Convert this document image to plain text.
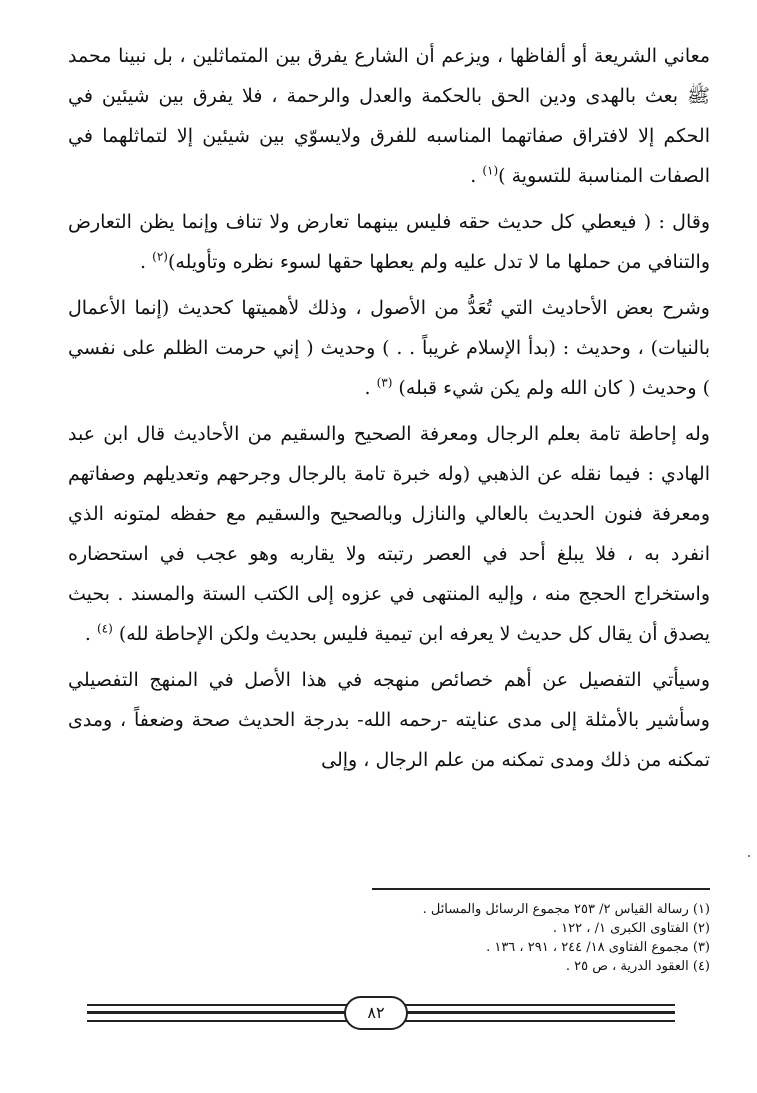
معاني الشريعة أو ألفاظها ، ويزعم أن الشارع يفرق بين المتماثلين ، بل نبينا محمد ﷺ بعث بالهدى ودين الحق بالحكمة والعدل والرحمة ، فلا يفرق بين شيئين في الحكم إلا لافتراق صفاتهما المناسبه للفرق ولايسوّي بين شيئين إلا لتماثلهما في الصفات المناسبة للتسوية )$^{(١)}$ .

وقال : ( فيعطي كل حديث حقه فليس بينهما تعارض ولا تناف وإنما يظن التعارض والتنافي من حملها ما لا تدل عليه ولم يعطها حقها لسوء نظره وتأويله)$^{(٢)}$ .

وشرح بعض الأحاديث التي تُعَدُّ من الأصول ، وذلك لأهميتها كحديث (إنما الأعمال بالنيات) ، وحديث : (بدأ الإسلام غريباً . . ) وحديث ( إني حرمت الظلم على نفسي ) وحديث ( كان الله ولم يكن شيء قبله) $^{(٣)}$ .

وله إحاطة تامة بعلم الرجال ومعرفة الصحيح والسقيم من الأحاديث قال ابن عبد الهادي : فيما نقله عن الذهبي (وله خبرة تامة بالرجال وجرحهم وتعديلهم وصفاتهم ومعرفة فنون الحديث بالعالي والنازل وبالصحيح والسقيم مع حفظه لمتونه الذي انفرد به ، فلا يبلغ أحد في العصر رتبته ولا يقاربه وهو عجب في استحضاره واستخراج الحجج منه ، وإليه المنتهى في عزوه إلى الكتب الستة والمسند . بحيث يصدق أن يقال كل حديث لا يعرفه ابن تيمية فليس بحديث ولكن الإحاطة لله) $^{(٤)}$ .

وسيأتي التفصيل عن أهم خصائص منهجه في هذا الأصل في المنهج التفصيلي وسأشير بالأمثلة إلى مدى عنايته -رحمه الله- بدرجة الحديث صحة وضعفاً ، ومدى تمكنه من ذلك ومدى تمكنه من علم الرجال ، وإلى

(١) رسالة القياس ٢/ ٢٥٣ مجموع الرسائل والمسائل .
(٢) الفتاوى الكبرى ١/ ، ١٢٢ .
(٣) مجموع الفتاوى ١٨/ ٢٤٤ ، ٢٩١ ، ١٣٦ .
(٤) العقود الدرية ، ص ٢٥ .
٨٢
